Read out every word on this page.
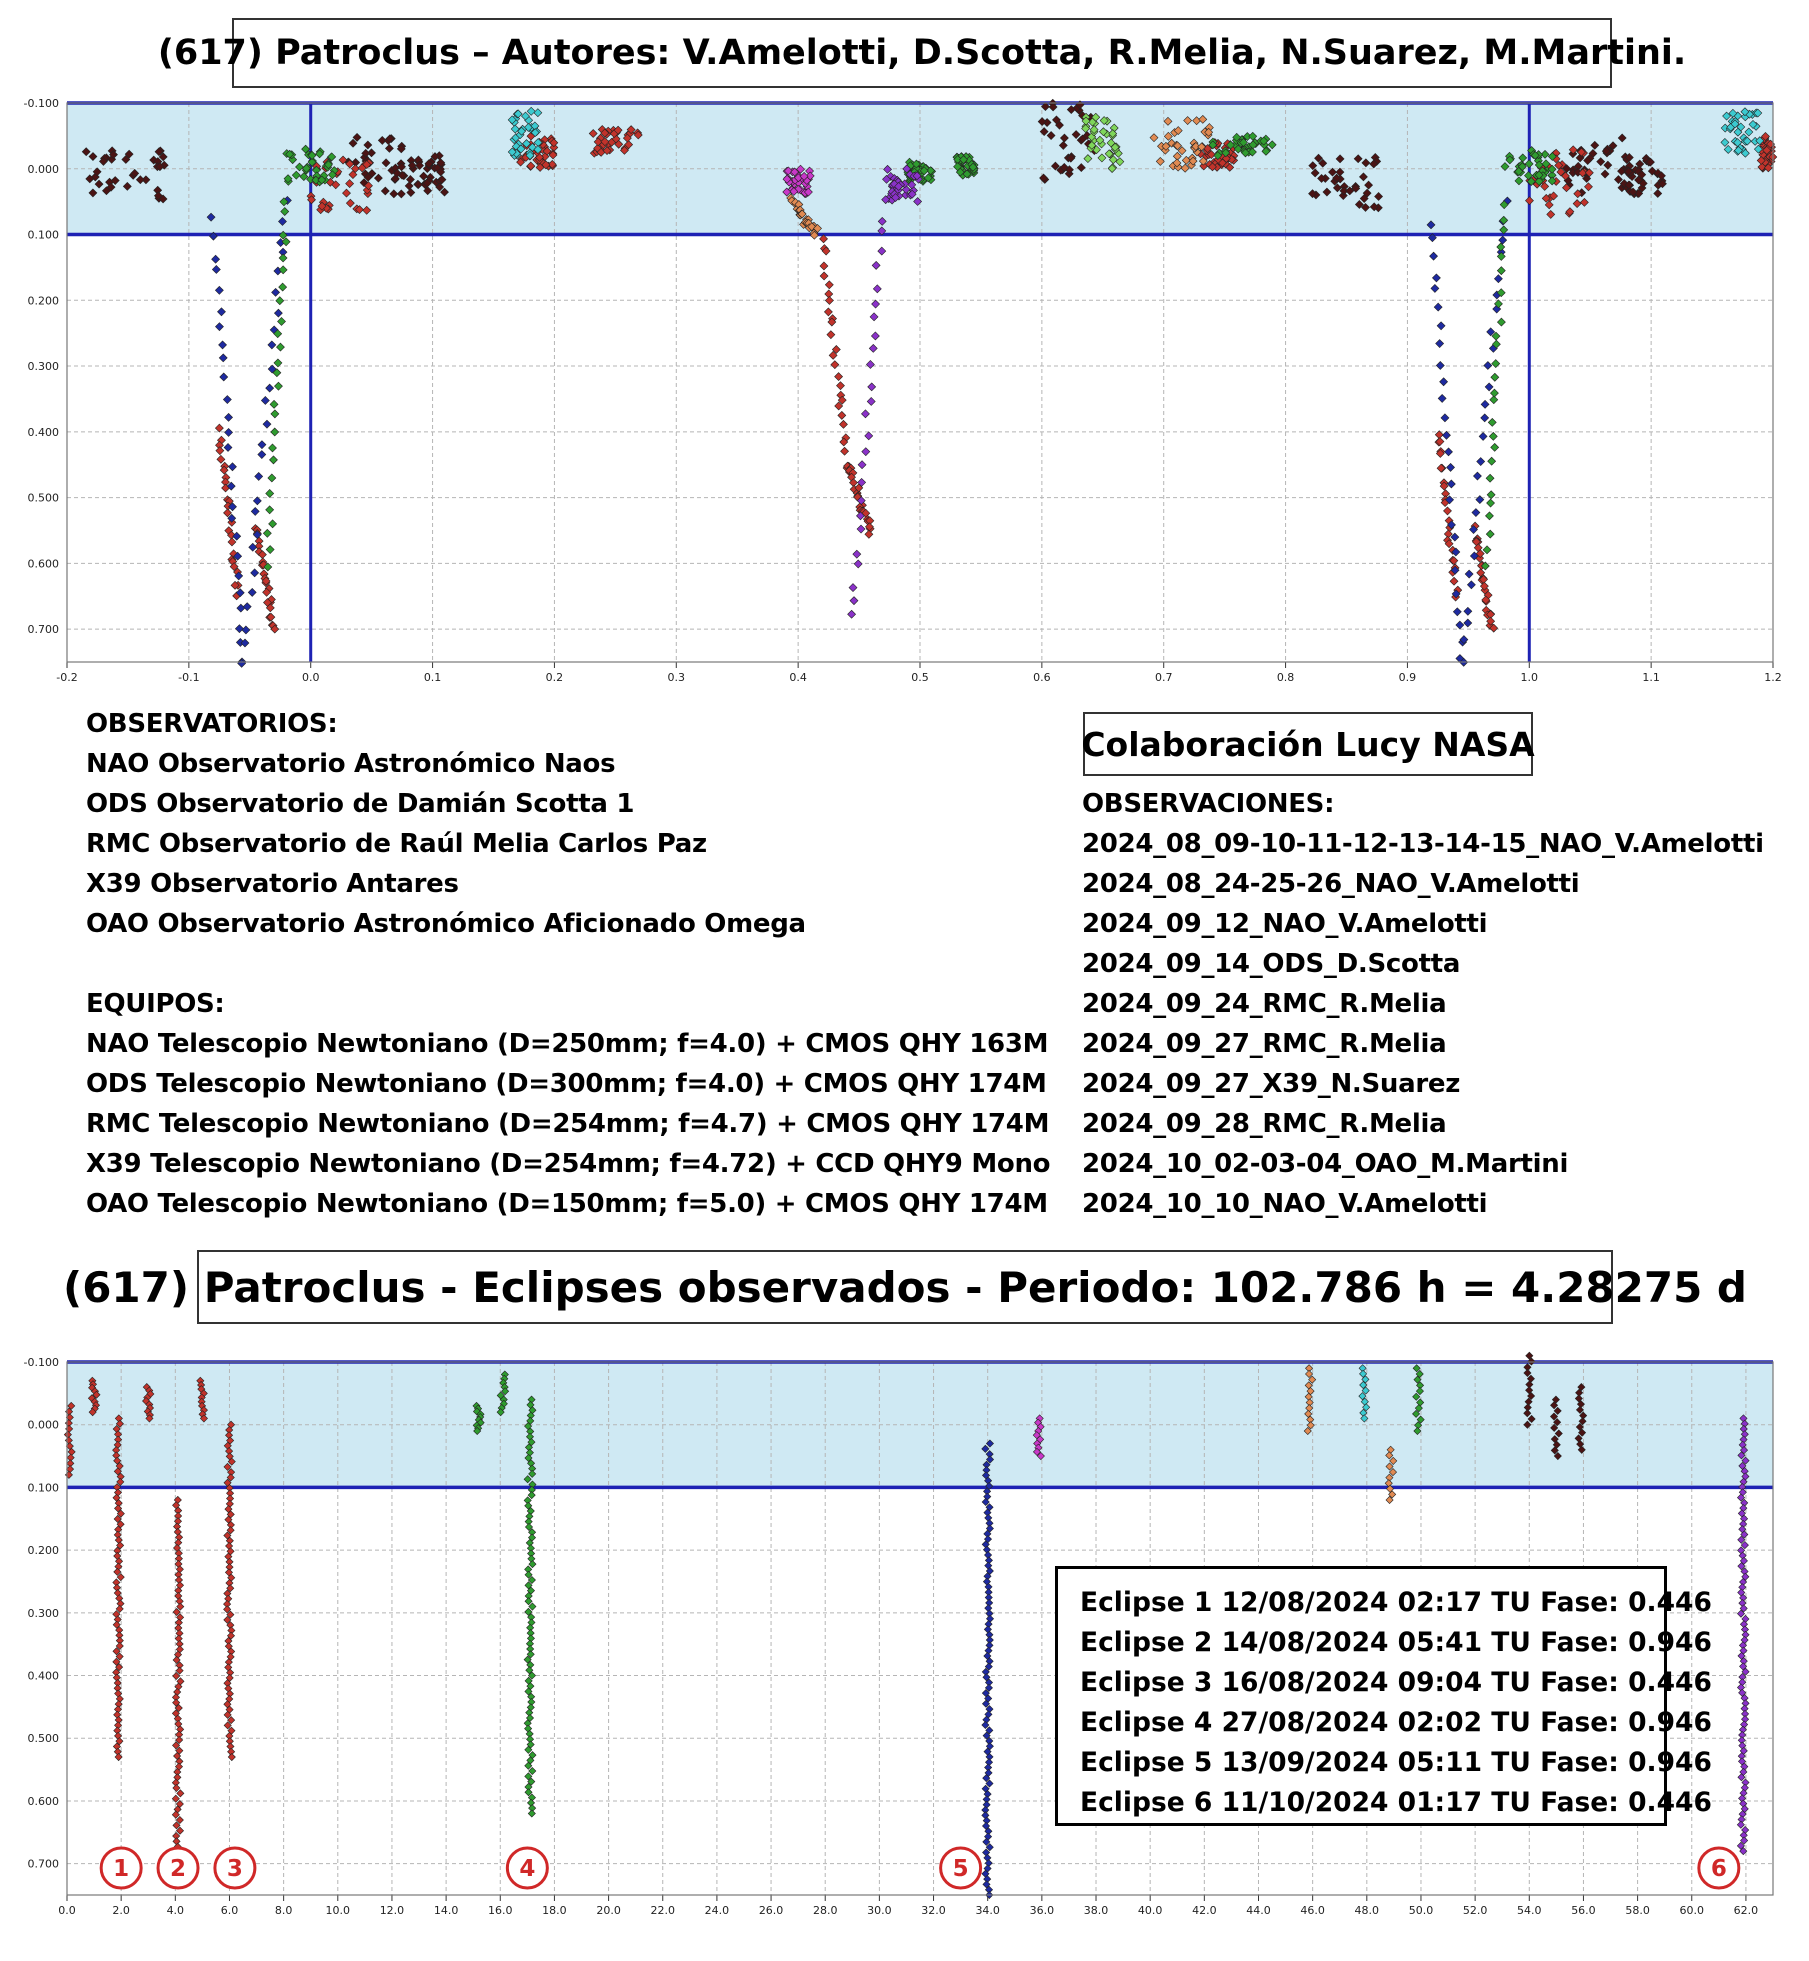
-0.2	-0.1	0.0	0.1	0.2	0.3	0.4	0.5	0.6	0.7	0.8	0.9	1.0	1.1	1.2
-0.100
0.000
0.100
0.200
0.300
0.400
0.500
0.600
0.700
0.0	2.0	4.0	6.0	8.0	10.0	12.0	14.0	16.0	18.0	20.0	22.0	24.0	26.0	28.0	30.0	32.0	34.0	36.0	38.0	40.0	42.0	44.0	46.0	48.0	50.0	52.0	54.0	56.0	58.0	60.0	62.0
-0.100
0.000
0.100
0.200
0.300
0.400
0.500
0.600
0.700 1 2 3	4	5	6
(617) Patroclus – Autores: V.Amelotti, D.Scotta, R.Melia, N.Suarez, M.Martini.
OBSERVATORIOS:
NAO Observatorio Astronómico Naos
ODS Observatorio de Damián Scotta 1
RMC Observatorio de Raúl Melia Carlos Paz
X39 Observatorio Antares
OAO Observatorio Astronómico Aficionado Omega
EQUIPOS:
NAO Telescopio Newtoniano (D=250mm; f=4.0) + CMOS QHY 163M
ODS Telescopio Newtoniano (D=300mm; f=4.0) + CMOS QHY 174M
RMC Telescopio Newtoniano (D=254mm; f=4.7) + CMOS QHY 174M
X39 Telescopio Newtoniano (D=254mm; f=4.72) + CCD QHY9 Mono
OAO Telescopio Newtoniano (D=150mm; f=5.0) + CMOS QHY 174M
Colaboración Lucy NASA
OBSERVACIONES:
2024_08_09-10-11-12-13-14-15_NAO_V.Amelotti
2024_08_24-25-26_NAO_V.Amelotti
2024_09_12_NAO_V.Amelotti
2024_09_14_ODS_D.Scotta
2024_09_24_RMC_R.Melia
2024_09_27_RMC_R.Melia
2024_09_27_X39_N.Suarez
2024_09_28_RMC_R.Melia
2024_10_02-03-04_OAO_M.Martini
2024_10_10_NAO_V.Amelotti
(617) Patroclus - Eclipses observados - Periodo: 102.786 h = 4.28275 d
Eclipse 1 12/08/2024 02:17 TU Fase: 0.446
Eclipse 2 14/08/2024 05:41 TU Fase: 0.946
Eclipse 3 16/08/2024 09:04 TU Fase: 0.446
Eclipse 4 27/08/2024 02:02 TU Fase: 0.946
Eclipse 5 13/09/2024 05:11 TU Fase: 0.946
Eclipse 6 11/10/2024 01:17 TU Fase: 0.446
